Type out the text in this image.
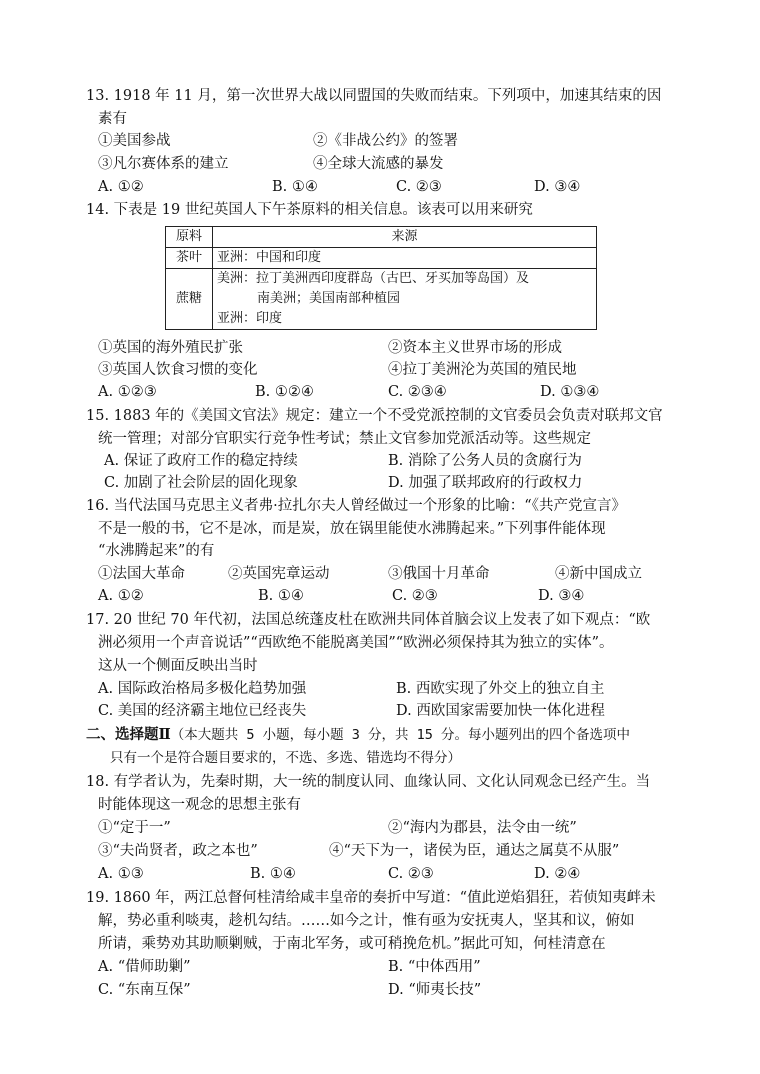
13. 1918 年 11 月，第一次世界大战以同盟国的失败而结束。下列项中，加速其结束的因
素有
①美国参战	②《非战公约》的签署
③凡尔赛体系的建立	④全球大流感的暴发
A. ①②	B. ①④	C. ②③	D. ③④
14. 下表是 19 世纪英国人下午茶原料的相关信息。该表可以用来研究
原料	来源
茶叶	亚洲：中国和印度
蔗糖	美洲：拉丁美洲西印度群岛（古巴、牙买加等岛国）及
南美洲；美国南部种植园
亚洲：印度
①英国的海外殖民扩张	②资本主义世界市场的形成
③英国人饮食习惯的变化	④拉丁美洲沦为英国的殖民地
A. ①②③	B. ①②④	C. ②③④	D. ①③④
15. 1883 年的《美国文官法》规定：建立一个不受党派控制的文官委员会负责对联邦文官
统一管理；对部分官职实行竞争性考试；禁止文官参加党派活动等。这些规定
A. 保证了政府工作的稳定持续	B. 消除了公务人员的贪腐行为
C. 加剧了社会阶层的固化现象	D. 加强了联邦政府的行政权力
16. 当代法国马克思主义者弗·拉扎尔夫人曾经做过一个形象的比喻：“《共产党宣言》
不是一般的书，它不是冰，而是炭，放在锅里能使水沸腾起来。”下列事件能体现
“水沸腾起来”的有
①法国大革命	②英国宪章运动	③俄国十月革命	④新中国成立
A. ①②	B. ①④	C. ②③	D. ③④
17. 20 世纪 70 年代初，法国总统蓬皮杜在欧洲共同体首脑会议上发表了如下观点：“欧
洲必须用一个声音说话”“西欧绝不能脱离美国”“欧洲必须保持其为独立的实体”。
这从一个侧面反映出当时
A. 国际政治格局多极化趋势加强	B. 西欧实现了外交上的独立自主
C. 美国的经济霸主地位已经丧失	D. 西欧国家需要加快一体化进程
二、选择题Ⅱ（本大题共 5 小题，每小题 3 分，共 15 分。每小题列出的四个备选项中
只有一个是符合题目要求的，不选、多选、错选均不得分）
18. 有学者认为，先秦时期，大一统的制度认同、血缘认同、文化认同观念已经产生。当
时能体现这一观念的思想主张有
①“定于一”	②“海内为郡县，法令由一统”
③“夫尚贤者，政之本也”	④“天下为一，诸侯为臣，通达之属莫不从服”
A. ①③	B. ①④	C. ②③	D. ②④
19. 1860 年，两江总督何桂清给咸丰皇帝的奏折中写道：“值此逆焰猖狂，若侦知夷衅未
解，势必重利啖夷，趁机勾结。……如今之计，惟有亟为安抚夷人，坚其和议，俯如
所请，乘势劝其助顺剿贼，于南北军务，或可稍挽危机。”据此可知，何桂清意在
A. “借师助剿”	B. “中体西用”
C. “东南互保”	D. “师夷长技”
